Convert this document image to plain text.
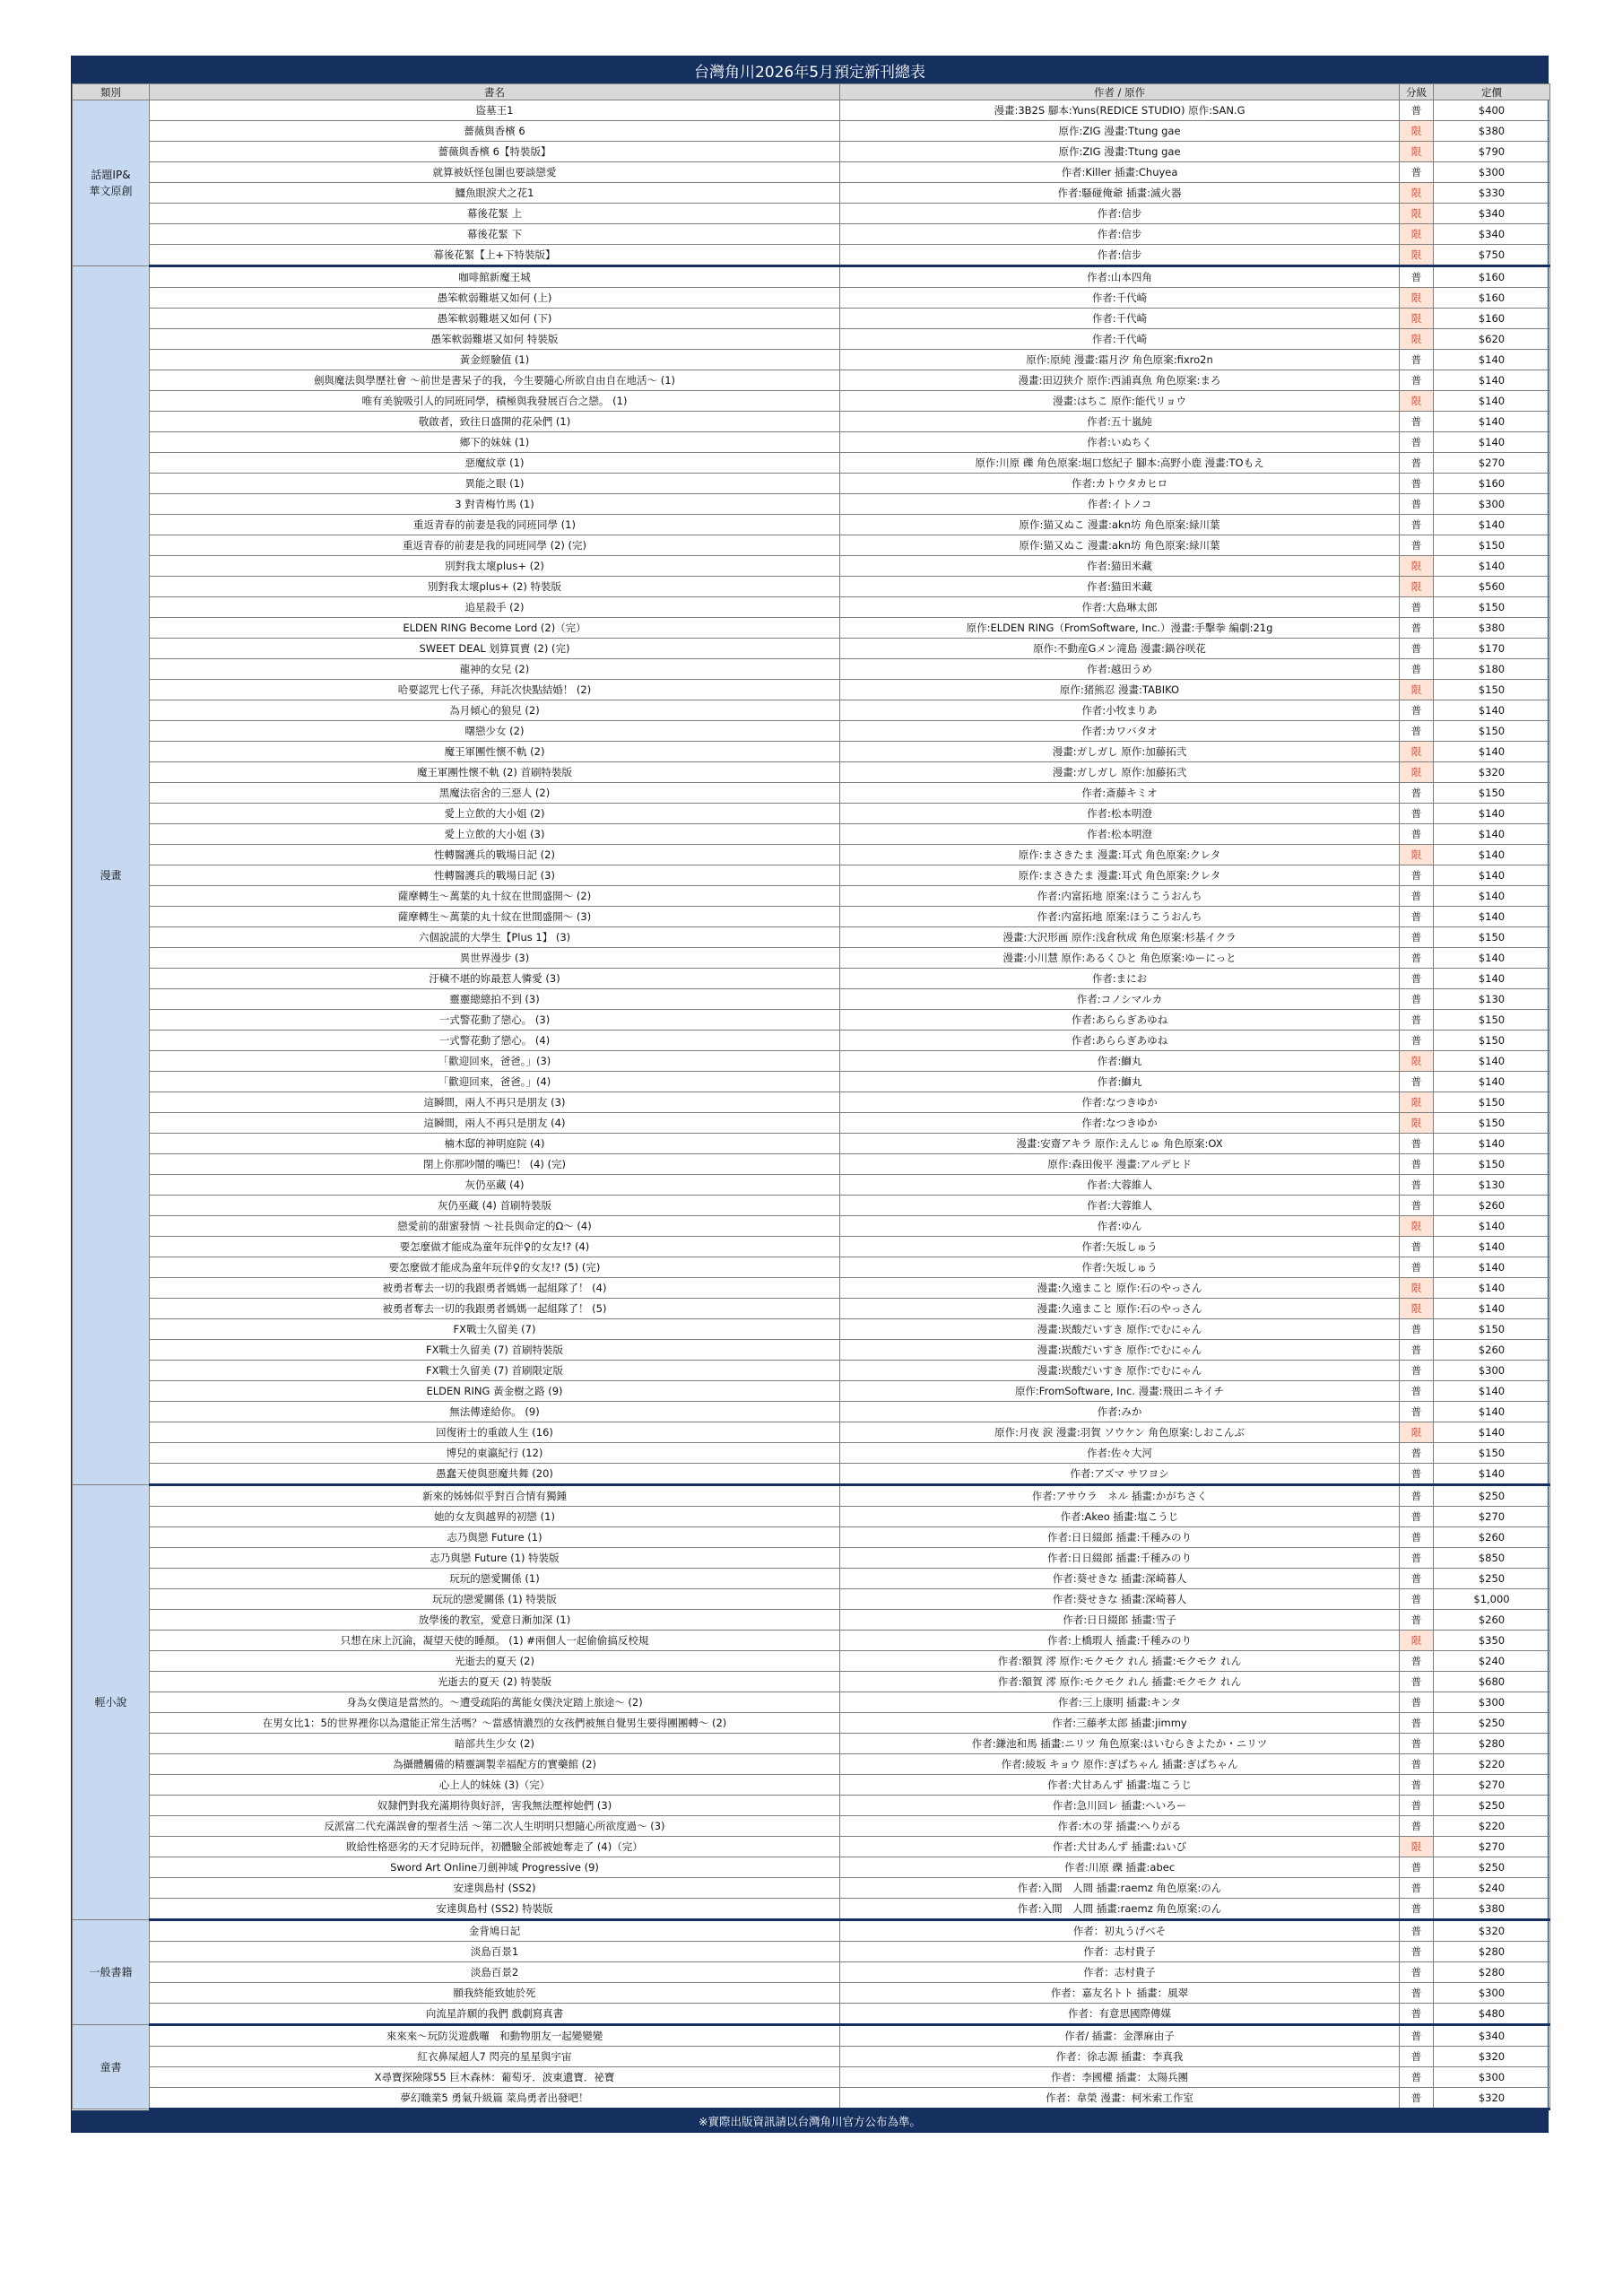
台灣角川2026年5月預定新刊總表
類別	書名	作者 / 原作	分級	定價
話題IP&
華文原創	盜墓王1	漫畫:3B2S 腳本:Yuns(REDICE STUDIO) 原作:SAN.G	普	$400
	薔薇與香檳 6	原作:ZIG 漫畫:Ttung gae	限	$380
	薔薇與香檳 6【特裝版】	原作:ZIG 漫畫:Ttung gae	限	$790
	就算被妖怪包圍也要談戀愛	作者:Killer 插畫:Chuyea	普	$300
	鱷魚眼淚犬之花1	作者:騷碰俺爺 插畫:滅火器	限	$330
	幕後花緊 上	作者:信步	限	$340
	幕後花緊 下	作者:信步	限	$340
	幕後花緊【上+下特裝版】	作者:信步	限	$750
漫畫	咖啡館新魔王城	作者:山本四角	普	$160
	愚笨軟弱難堪又如何 (上)	作者:千代崎	限	$160
	愚笨軟弱難堪又如何 (下)	作者:千代崎	限	$160
	愚笨軟弱難堪又如何 特裝版	作者:千代崎	限	$620
	黃金經驗值 (1)	原作:原純 漫畫:霜月汐 角色原案:fixro2n	普	$140
	劍與魔法與學歷社會 ～前世是書呆子的我，今生要隨心所欲自由自在地活～ (1)	漫畫:田辺狭介 原作:西浦真魚 角色原案:まろ	普	$140
	唯有美貌吸引人的同班同學，積極與我發展百合之戀。 (1)	漫畫:はちこ 原作:能代リョウ	限	$140
	敬啟者，致往日盛開的花朵們 (1)	作者:五十嵐純	普	$140
	鄉下的妹妹 (1)	作者:いぬちく	普	$140
	惡魔紋章 (1)	原作:川原 礫 角色原案:堀口悠紀子 腳本:高野小鹿 漫畫:TOもえ	普	$270
	異能之眼 (1)	作者:カトウタカヒロ	普	$160
	3 對青梅竹馬 (1)	作者:イトノコ	普	$300
	重返青春的前妻是我的同班同學 (1)	原作:猫又ぬこ 漫畫:akn坊 角色原案:緑川葉	普	$140
	重返青春的前妻是我的同班同學 (2) (完)	原作:猫又ぬこ 漫畫:akn坊 角色原案:緑川葉	普	$150
	別對我太壞plus+ (2)	作者:猫田米藏	限	$140
	別對我太壞plus+ (2) 特裝版	作者:猫田米藏	限	$560
	追星殺手 (2)	作者:大島琳太郎	普	$150
	ELDEN RING Become Lord (2)（完）	原作:ELDEN RING（FromSoftware, Inc.）漫畫:手擊拳 編劇:21g	普	$380
	SWEET DEAL 划算買賣 (2) (完)	原作:不動産Gメン滝島 漫畫:鍋谷咲花	普	$170
	龍神的女兒 (2)	作者:越田うめ	普	$180
	哈要認咒七代子孫，拜託次快點結婚！ (2)	原作:猪熊忍 漫畫:TABIKO	限	$150
	為月傾心的狼兒 (2)	作者:小牧まりあ	普	$140
	曙戀少女 (2)	作者:カワバタオ	普	$150
	魔王軍團性懷不軌 (2)	漫畫:ガしガし 原作:加藤拓弐	限	$140
	魔王軍團性懷不軌 (2) 首刷特裝版	漫畫:ガしガし 原作:加藤拓弐	限	$320
	黑魔法宿舍的三惡人 (2)	作者:斎藤キミオ	普	$150
	愛上立飲的大小姐 (2)	作者:松本明澄	普	$140
	愛上立飲的大小姐 (3)	作者:松本明澄	普	$140
	性轉醫護兵的戰場日記 (2)	原作:まさきたま 漫畫:耳式 角色原案:クレタ	限	$140
	性轉醫護兵的戰場日記 (3)	原作:まさきたま 漫畫:耳式 角色原案:クレタ	普	$140
	薩摩轉生～萬葉的丸十紋在世間盛開～ (2)	作者:内富拓地 原案:ほうこうおんち	普	$140
	薩摩轉生～萬葉的丸十紋在世間盛開～ (3)	作者:内富拓地 原案:ほうこうおんち	普	$140
	六個說謊的大學生【Plus 1】 (3)	漫畫:大沢形画 原作:浅倉秋成 角色原案:杉基イクラ	普	$150
	異世界漫步 (3)	漫畫:小川慧 原作:あるくひと 角色原案:ゆーにっと	普	$140
	汙穢不堪的妳最惹人憐愛 (3)	作者:まにお	普	$140
	靈靈總總拍不到 (3)	作者:コノシマルカ	普	$130
	一式警花動了戀心。 (3)	作者:あららぎあゆね	普	$150
	一式警花動了戀心。 (4)	作者:あららぎあゆね	普	$150
	「歡迎回來，爸爸。」(3)	作者:鰤丸	限	$140
	「歡迎回來，爸爸。」(4)	作者:鰤丸	普	$140
	這瞬間，兩人不再只是朋友 (3)	作者:なつきゆか	限	$150
	這瞬間，兩人不再只是朋友 (4)	作者:なつきゆか	限	$150
	楠木邸的神明庭院 (4)	漫畫:安齋アキラ 原作:えんじゅ 角色原案:OX	普	$140
	閉上你那吵鬧的嘴巴！ (4) (完)	原作:森田俊平 漫畫:アルデヒド	普	$150
	灰仍巫藏 (4)	作者:大蓉維人	普	$130
	灰仍巫藏 (4) 首刷特裝版	作者:大蓉維人	普	$260
	戀愛前的甜蜜發情 ～社長與命定的Ω～ (4)	作者:ゆん	限	$140
	要怎麼做才能成為童年玩伴♀的女友!? (4)	作者:矢坂しゅう	普	$140
	要怎麼做才能成為童年玩伴♀的女友!? (5) (完)	作者:矢坂しゅう	普	$140
	被勇者奪去一切的我跟勇者媽媽一起組隊了！ (4)	漫畫:久遠まこと 原作:石のやっさん	限	$140
	被勇者奪去一切的我跟勇者媽媽一起組隊了！ (5)	漫畫:久遠まこと 原作:石のやっさん	限	$140
	FX戰士久留美 (7)	漫畫:崁酸だいすき 原作:でむにゃん	普	$150
	FX戰士久留美 (7) 首刷特裝版	漫畫:崁酸だいすき 原作:でむにゃん	普	$260
	FX戰士久留美 (7) 首刷限定版	漫畫:崁酸だいすき 原作:でむにゃん	普	$300
	ELDEN RING 黃金樹之路 (9)	原作:FromSoftware, Inc. 漫畫:飛田ニキイチ	普	$140
	無法傳達給你。 (9)	作者:みか	普	$140
	回復術士的重啟人生 (16)	原作:月夜 涙 漫畫:羽賀 ソウケン 角色原案:しおこんぶ	限	$140
	博兒的東瀛紀行 (12)	作者:佐々大河	普	$150
	愚蠢天使與惡魔共舞 (20)	作者:アズマ サワヨシ	普	$140
輕小說	新來的姊姊似乎對百合情有獨鍾	作者:アサウラ　ネル 插畫:かがちさく	普	$250
	她的女友與越界的初戀 (1)	作者:Akeo 插畫:塩こうじ	普	$270
	志乃與戀 Future (1)	作者:日日綴郎 插畫:千種みのり	普	$260
	志乃與戀 Future (1) 特裝版	作者:日日綴郎 插畫:千種みのり	普	$850
	玩玩的戀愛關係 (1)	作者:葵せきな 插畫:深崎暮人	普	$250
	玩玩的戀愛關係 (1) 特裝版	作者:葵せきな 插畫:深崎暮人	普	$1,000
	放學後的教室，愛意日漸加深 (1)	作者:日日綴郎 插畫:雪子	普	$260
	只想在床上沉淪，凝望天使的睡顏。 (1) #兩個人一起偷偷搞反校規	作者:上橋瑕人 插畫:千種みのり	限	$350
	光逝去的夏天 (2)	作者:額賀 澪 原作:モクモク れん 插畫:モクモク れん	普	$240
	光逝去的夏天 (2) 特裝版	作者:額賀 澪 原作:モクモク れん 插畫:モクモク れん	普	$680
	身為女僕這是當然的。～遭受疏陷的萬能女僕決定踏上旅途～ (2)	作者:三上康明 插畫:キンタ	普	$300
	在男女比1：5的世界裡你以為還能正常生活嗎？～當感情濃烈的女孩們被無自覺男生要得團團轉～ (2)	作者:三藤孝太郎 插畫:jimmy	普	$250
	暗部共生少女 (2)	作者:鎌池和馬 插畫:ニリツ 角色原案:はいむらきよたか・ニリツ	普	$280
	為攝體觸備的精靈調製幸福配方的實藥館 (2)	作者:綾坂 キョウ 原作:ぎばちゃん 插畫:ぎばちゃん	普	$220
	心上人的妹妹 (3)（完）	作者:犬甘あんず 插畫:塩こうじ	普	$270
	奴隸們對我充滿期待與好評，害我無法壓榨她們 (3)	作者:急川回レ 插畫:へいろー	普	$250
	反派富二代充滿誤會的聖者生活 ～第二次人生明明只想隨心所欲度過～ (3)	作者:木の芽 插畫:へりがる	普	$220
	敗給性格惡劣的天才兒時玩伴，初體驗全部被她奪走了 (4)（完）	作者:犬甘あんず 插畫:ねいび	限	$270
	Sword Art Online刀劍神域 Progressive (9)	作者:川原 礫 插畫:abec	普	$250
	安達與島村 (SS2)	作者:入間　人間 插畫:raemz 角色原案:のん	普	$240
	安達與島村 (SS2) 特裝版	作者:入間　人間 插畫:raemz 角色原案:のん	普	$380
一般書籍	金背鳩日記	作者：初丸うげべそ	普	$320
	淡島百景1	作者：志村貴子	普	$280
	淡島百景2	作者：志村貴子	普	$280
	願我終能致她於死	作者：嘉友名トト 插畫：風翠	普	$300
	向流星許願的我們 戲劇寫真書	作者：有意思國際傳媒	普	$480
童書	來來來～玩防災遊戲囉　和動物朋友一起變變變	作者/ 插畫：金澤麻由子	普	$340
	紅衣鼻屎超人7 閃亮的星星與宇宙	作者：徐志源 插畫：李真我	普	$320
	X尋寶探險隊55 巨木森林：葡萄牙．波東遺寶．祕寶	作者：李國權 插畫：太陽兵團	普	$300
	夢幻職業5 勇氣升級篇 菜鳥勇者出發吧！	作者：韋榮 漫畫：柯米索工作室	普	$320
※實際出版資訊請以台灣角川官方公布為準。
